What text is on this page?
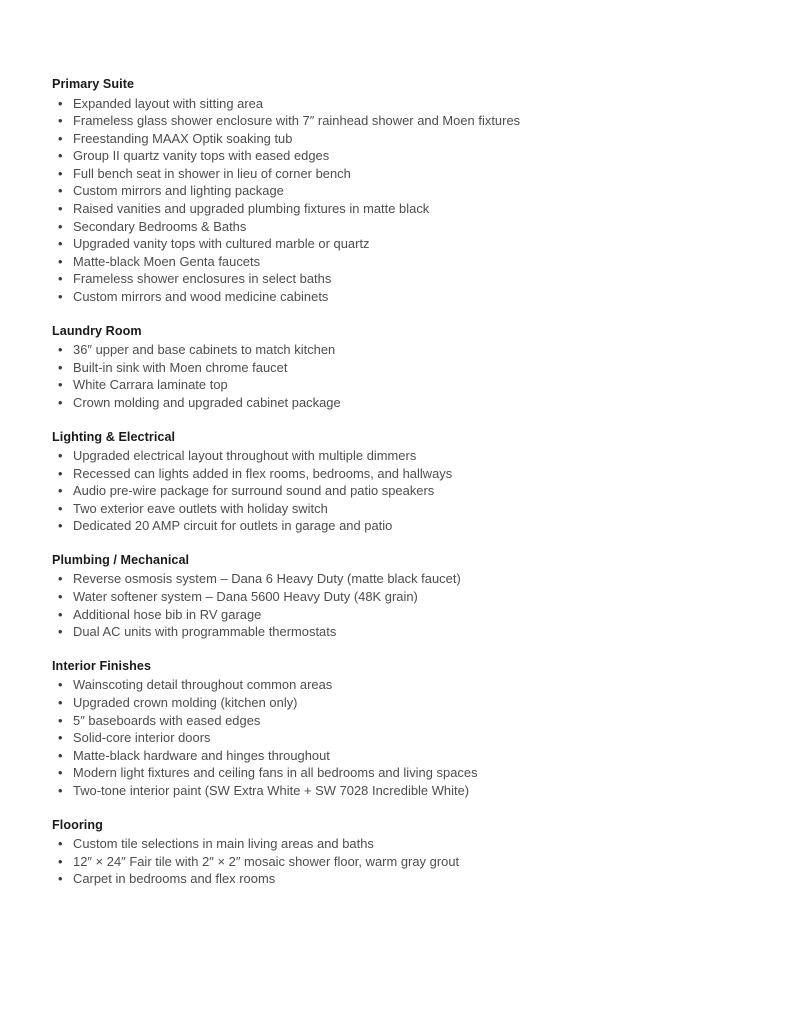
Primary Suite
• Expanded layout with sitting area
• Frameless glass shower enclosure with 7″ rainhead shower and Moen fixtures
• Freestanding MAAX Optik soaking tub
• Group II quartz vanity tops with eased edges
• Full bench seat in shower in lieu of corner bench
• Custom mirrors and lighting package
• Raised vanities and upgraded plumbing fixtures in matte black
• Secondary Bedrooms & Baths
• Upgraded vanity tops with cultured marble or quartz
• Matte-black Moen Genta faucets
• Frameless shower enclosures in select baths
• Custom mirrors and wood medicine cabinets
Laundry Room
• 36″ upper and base cabinets to match kitchen
• Built-in sink with Moen chrome faucet
• White Carrara laminate top
• Crown molding and upgraded cabinet package
Lighting & Electrical
• Upgraded electrical layout throughout with multiple dimmers
• Recessed can lights added in flex rooms, bedrooms, and hallways
• Audio pre-wire package for surround sound and patio speakers
• Two exterior eave outlets with holiday switch
• Dedicated 20 AMP circuit for outlets in garage and patio
Plumbing / Mechanical
• Reverse osmosis system – Dana 6 Heavy Duty (matte black faucet)
• Water softener system – Dana 5600 Heavy Duty (48K grain)
• Additional hose bib in RV garage
• Dual AC units with programmable thermostats
Interior Finishes
• Wainscoting detail throughout common areas
• Upgraded crown molding (kitchen only)
• 5″ baseboards with eased edges
• Solid-core interior doors
• Matte-black hardware and hinges throughout
• Modern light fixtures and ceiling fans in all bedrooms and living spaces
• Two-tone interior paint (SW Extra White + SW 7028 Incredible White)
Flooring
• Custom tile selections in main living areas and baths
• 12″ × 24″ Fair tile with 2″ × 2″ mosaic shower floor, warm gray grout
• Carpet in bedrooms and flex rooms
